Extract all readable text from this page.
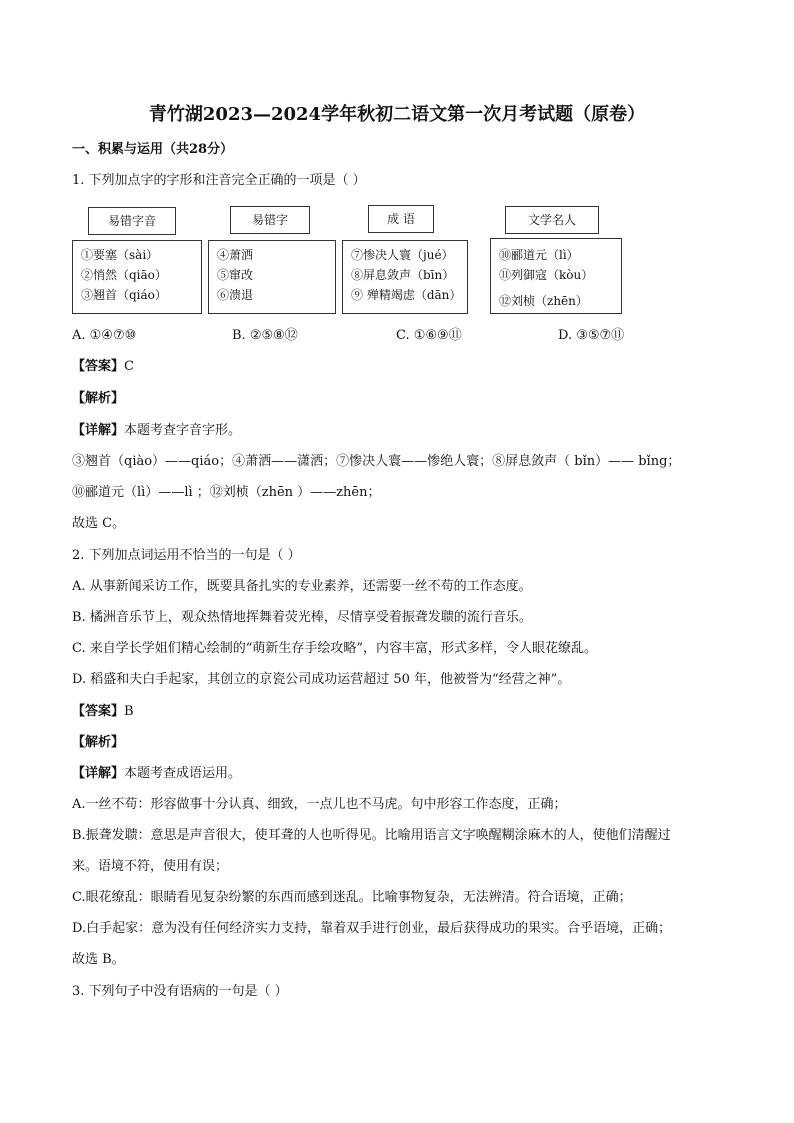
青竹湖2023—2024学年秋初二语文第一次月考试题（原卷）
一、积累与运用（共28分）
1. 下列加点字的字形和注音完全正确的一项是（ ）
易错字音
①要塞（sài）
②悄然（qiāo）
③翘首（qiáo）
易错字
④萧洒
⑤窜改
⑥溃退
成 语
⑦惨决人寰（jué）
⑧屏息敛声（bīn）
⑨ 殚精竭虑（dān）
文学名人
⑩郦道元（lì）
⑪列御寇（kòu）
⑫刘桢（zhēn）
A. ①④⑦⑩	B. ②⑤⑧⑫	C. ①⑥⑨⑪	D. ③⑤⑦⑪
【答案】C
【解析】
【详解】本题考查字音字形。
③翘首（qiào）——qiáo；④萧洒——潇洒；⑦惨决人寰——惨绝人寰；⑧屏息敛声（ bǐn）—— bǐng；
⑩郦道元（lì）——lì ；⑫刘桢（zhēn ）——zhēn；
故选 C。
2. 下列加点词运用不恰当的一句是（ ）
A. 从事新闻采访工作，既要具备扎实的专业素养，还需要一丝不苟的工作态度。
B. 橘洲音乐节上，观众热情地挥舞着荧光棒，尽情享受着振聋发聩的流行音乐。
C. 来自学长学姐们精心绘制的“萌新生存手绘攻略”，内容丰富，形式多样，令人眼花缭乱。
D. 稻盛和夫白手起家，其创立的京瓷公司成功运营超过 50 年，他被誉为“经营之神”。
【答案】B
【解析】
【详解】本题考查成语运用。
A.一丝不苟：形容做事十分认真、细致，一点儿也不马虎。句中形容工作态度，正确；
B.振聋发聩：意思是声音很大，使耳聋的人也听得见。比喻用语言文字唤醒糊涂麻木的人，使他们清醒过
来。语境不符，使用有误；
C.眼花缭乱：眼睛看见复杂纷繁的东西而感到迷乱。比喻事物复杂，无法辨清。符合语境，正确；
D.白手起家：意为没有任何经济实力支持，靠着双手进行创业，最后获得成功的果实。合乎语境，正确；
故选 B。
3. 下列句子中没有语病的一句是（ ）
